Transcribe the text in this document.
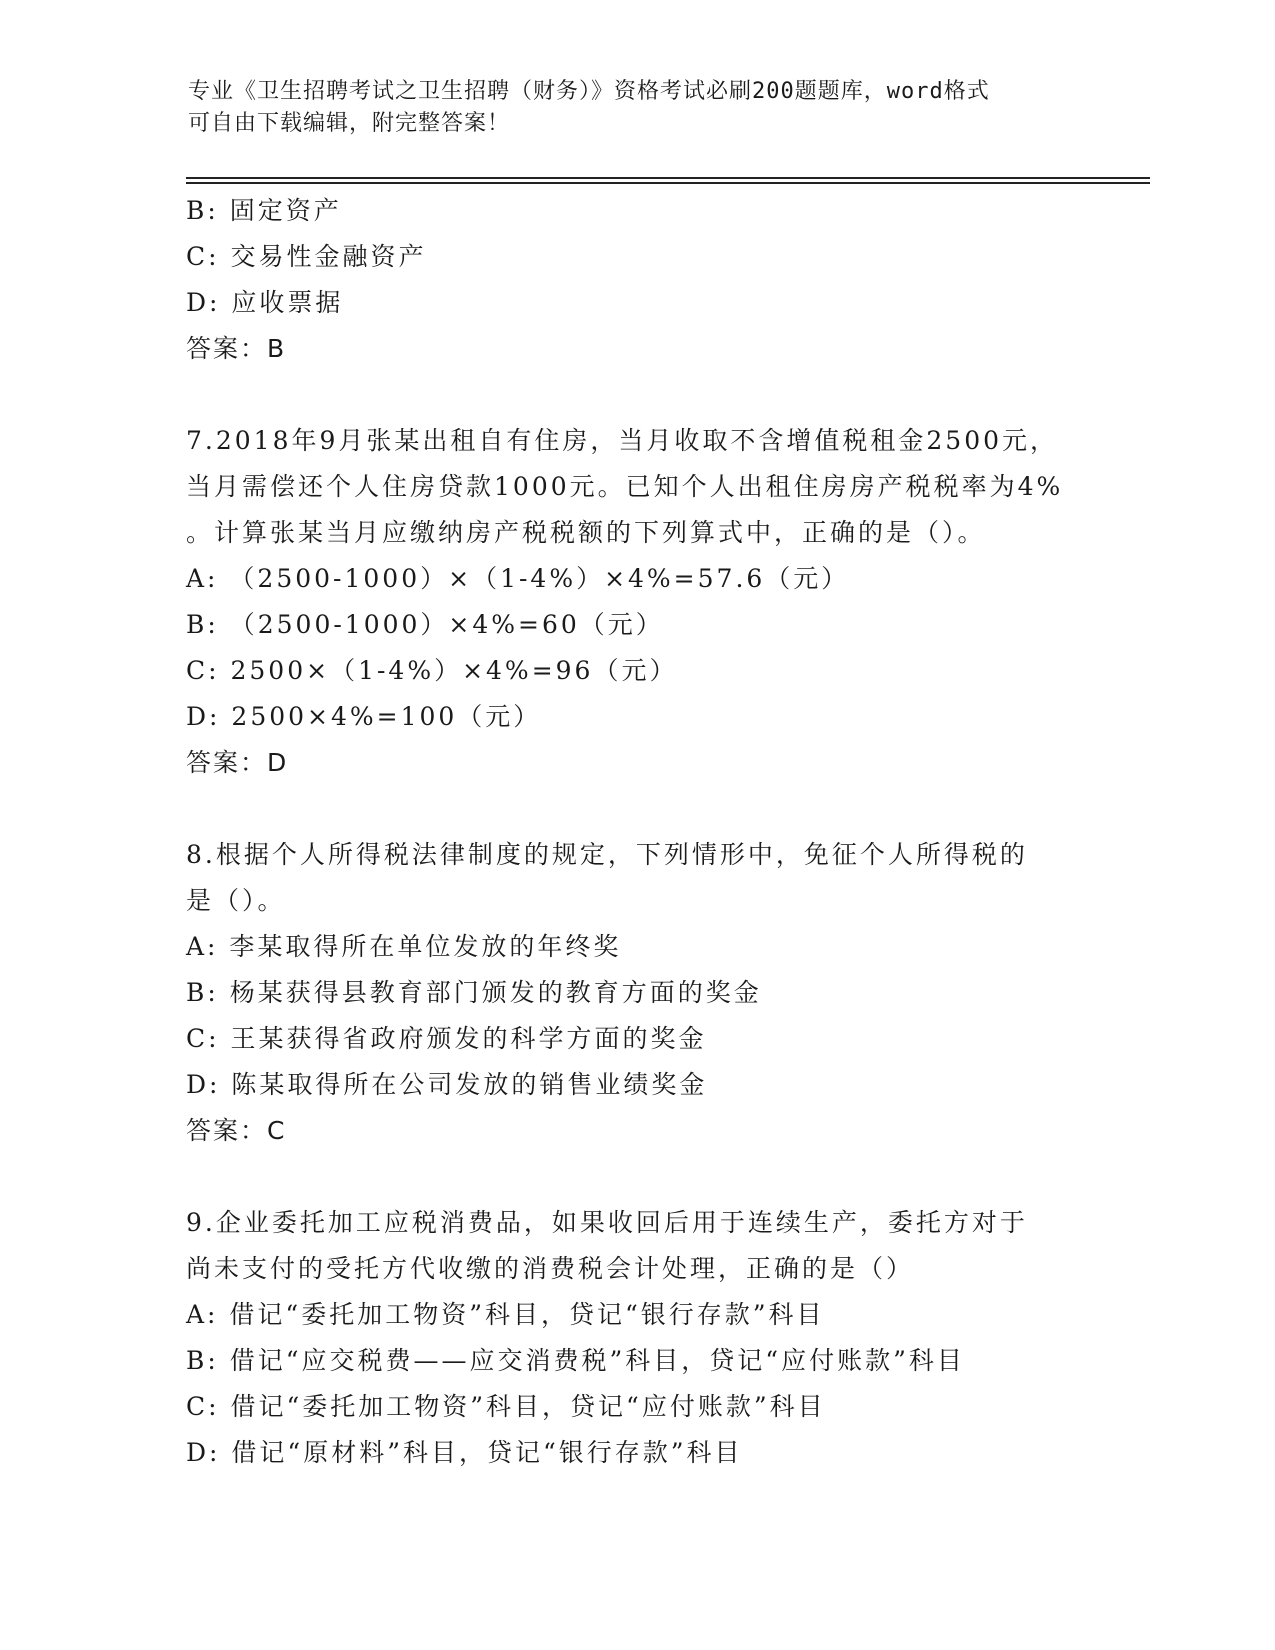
专业《卫生招聘考试之卫生招聘（财务）》资格考试必刷200题题库，word格式
可自由下载编辑，附完整答案！
B: 固定资产
C: 交易性金融资产
D: 应收票据
答案：B
7.2018年9月张某出租自有住房，当月收取不含增值税租金2500元，
当月需偿还个人住房贷款1000元。已知个人出租住房房产税税率为4%
。计算张某当月应缴纳房产税税额的下列算式中，正确的是（）。
A: （2500-1000）×（1-4%）×4%=57.6（元）
B: （2500-1000）×4%=60（元）
C: 2500×（1-4%）×4%=96（元）
D: 2500×4%=100（元）
答案：D
8.根据个人所得税法律制度的规定，下列情形中，免征个人所得税的
是（）。
A: 李某取得所在单位发放的年终奖
B: 杨某获得县教育部门颁发的教育方面的奖金
C: 王某获得省政府颁发的科学方面的奖金
D: 陈某取得所在公司发放的销售业绩奖金
答案：C
9.企业委托加工应税消费品，如果收回后用于连续生产，委托方对于
尚未支付的受托方代收缴的消费税会计处理，正确的是（）
A: 借记“委托加工物资”科目，贷记“银行存款”科目
B: 借记“应交税费——应交消费税”科目，贷记“应付账款”科目
C: 借记“委托加工物资”科目，贷记“应付账款”科目
D: 借记“原材料”科目，贷记“银行存款”科目
